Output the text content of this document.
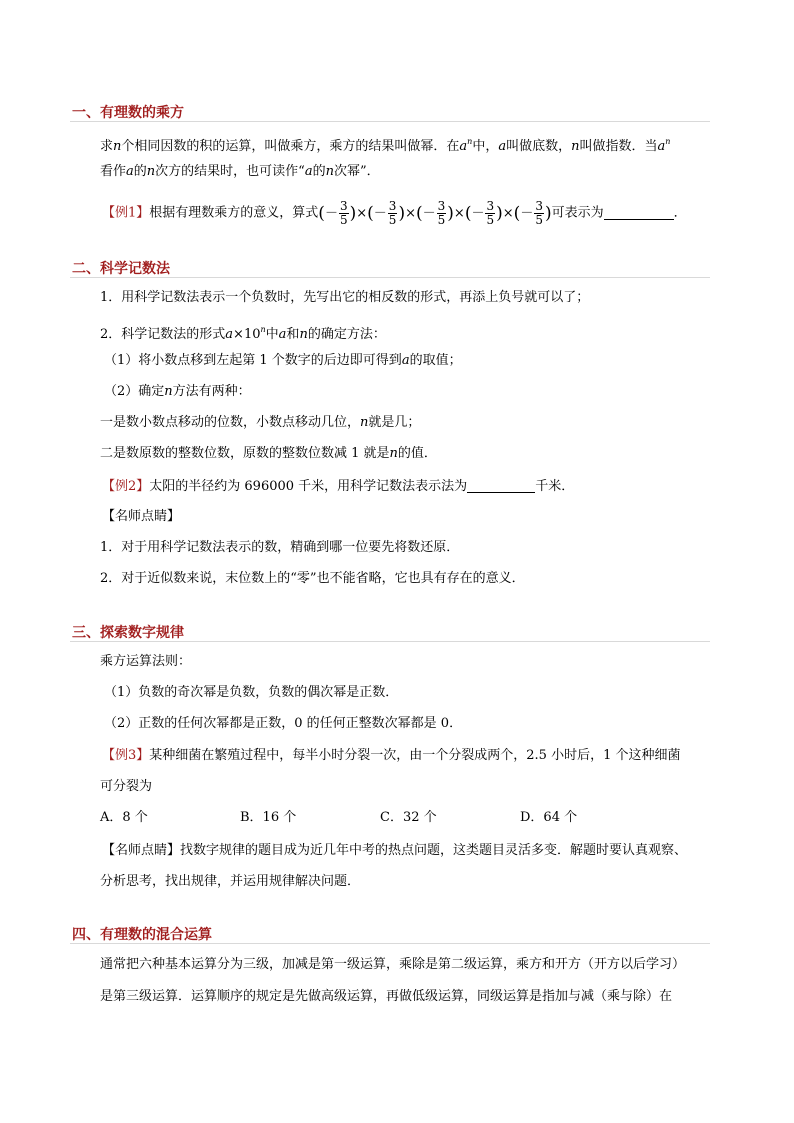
一、有理数的乘方
求n个相同因数的积的运算，叫做乘方，乘方的结果叫做幂．在$a^n$中，a叫做底数，n叫做指数．当$a^n$
看作a的n次方的结果时，也可读作“a的n次幂”．
【例1】根据有理数乘方的意义，算式(－ $\frac{3}{5}$ )×(－ $\frac{3}{5}$ )×(－ $\frac{3}{5}$ )×(－ $\frac{3}{5}$ )×(－ $\frac{3}{5}$ )可表示为	．
二、科学记数法
1．用科学记数法表示一个负数时，先写出它的相反数的形式，再添上负号就可以了；
2．科学记数法的形式$a\times 10^n$中a和n的确定方法：
（1）将小数点移到左起第 1 个数字的后边即可得到a的取值；
（2）确定n方法有两种：
一是数小数点移动的位数，小数点移动几位，n就是几；
二是数原数的整数位数，原数的整数位数减 1 就是n的值．
【例2】太阳的半径约为 696000 千米，用科学记数法表示法为	千米．
【名师点睛】
1．对于用科学记数法表示的数，精确到哪一位要先将数还原．
2．对于近似数来说，末位数上的“零”也不能省略，它也具有存在的意义．
三、探索数字规律
乘方运算法则：
（1）负数的奇次幂是负数，负数的偶次幂是正数．
（2）正数的任何次幂都是正数，0 的任何正整数次幂都是 0．
【例3】某种细菌在繁殖过程中，每半小时分裂一次，由一个分裂成两个，2.5 小时后，1 个这种细菌
可分裂为
A．8 个	B．16 个	C．32 个	D．64 个
【名师点睛】找数字规律的题目成为近几年中考的热点问题，这类题目灵活多变．解题时要认真观察、
分析思考，找出规律，并运用规律解决问题．
四、有理数的混合运算
通常把六种基本运算分为三级，加减是第一级运算，乘除是第二级运算，乘方和开方（开方以后学习）
是第三级运算．运算顺序的规定是先做高级运算，再做低级运算，同级运算是指加与减（乘与除）在
